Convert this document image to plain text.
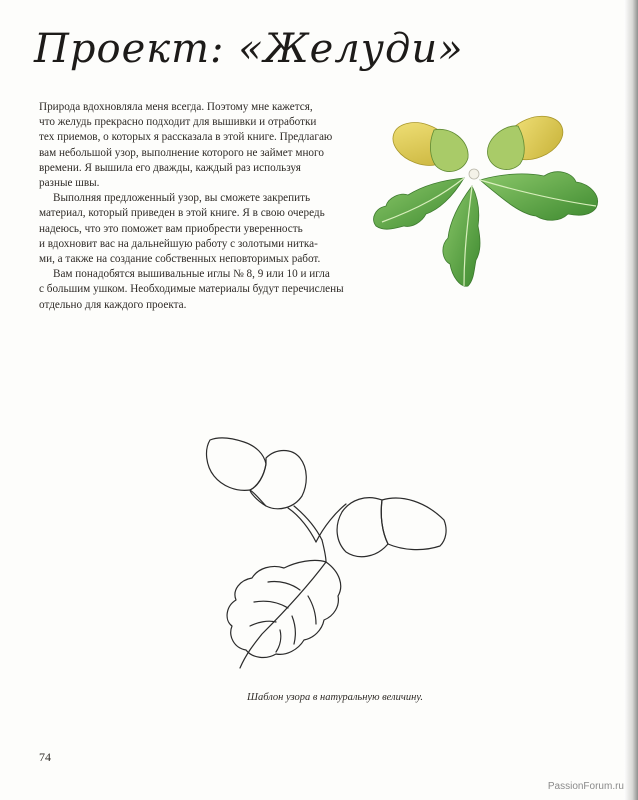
Проект: «Желуди»
Природа вдохновляла меня всегда. Поэтому мне кажется,
что желудь прекрасно подходит для вышивки и отработки
тех приемов, о которых я рассказала в этой книге. Предлагаю
вам небольшой узор, выполнение которого не займет много
времени. Я вышила его дважды, каждый раз используя
разные швы.
Выполняя предложенный узор, вы сможете закрепить
материал, который приведен в этой книге. Я в свою очередь
надеюсь, что это поможет вам приобрести уверенность
и вдохновит вас на дальнейшую работу с золотыми нитка-
ми, а также на создание собственных неповторимых работ.
Вам понадобятся вышивальные иглы № 8, 9 или 10 и игла
с большим ушком. Необходимые материалы будут перечислены
отдельно для каждого проекта.
Шаблон узора в натуральную величину.
74
PassionForum.ru
